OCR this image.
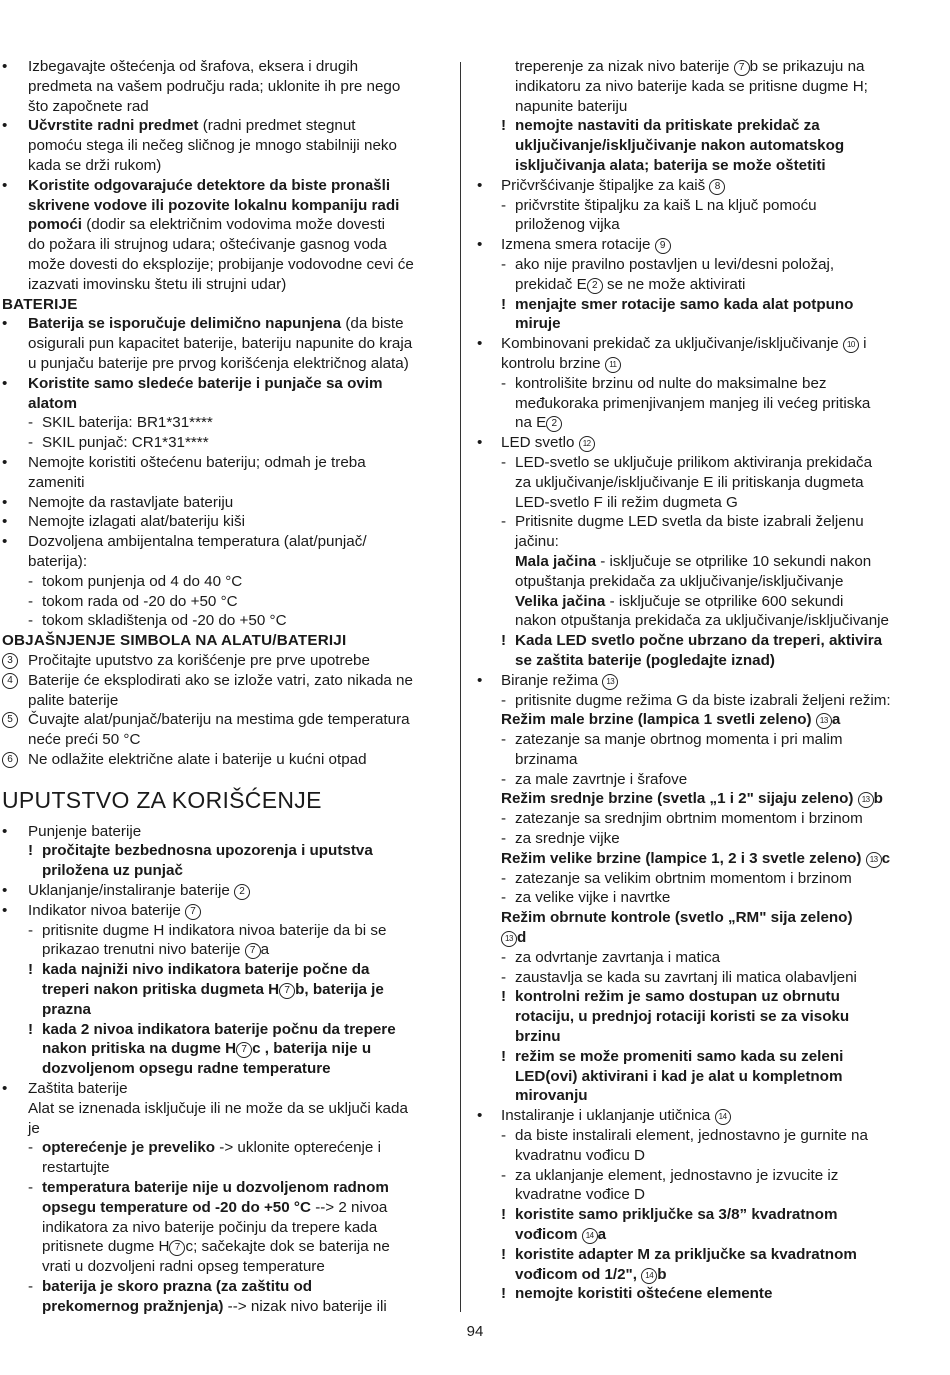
• Izbegavajte oštećenja od šrafova, eksera i drugih
predmeta na vašem području rada; uklonite ih pre nego
što započnete rad
• Učvrstite radni predmet (radni predmet stegnut
pomoću stega ili nečeg sličnog je mnogo stabilniji neko
kada se drži rukom)
• Koristite odgovarajuće detektore da biste pronašli
skrivene vodove ili pozovite lokalnu kompaniju radi
pomoći (dodir sa električnim vodovima može dovesti
do požara ili strujnog udara; oštećivanje gasnog voda
može dovesti do eksplozije; probijanje vodovodne cevi će
izazvati imovinsku štetu ili strujni udar)
BATERIJE
• Baterija se isporučuje delimično napunjena (da biste
osigurali pun kapacitet baterije, bateriju napunite do kraja
u punjaču baterije pre prvog korišćenja električnog alata)
• Koristite samo sledeće baterije i punjače sa ovim
alatom
- SKIL baterija: BR1*31****
- SKIL punjač: CR1*31****
• Nemojte koristiti oštećenu bateriju; odmah je treba
zameniti
• Nemojte da rastavljate bateriju
• Nemojte izlagati alat/bateriju kiši
• Dozvoljena ambijentalna temperatura (alat/punjač/
baterija):
- tokom punjenja od 4 do 40 °C
- tokom rada od -20 do +50 °C
- tokom skladištenja od -20 do +50 °C
OBJAŠNJENJE SIMBOLA NA ALATU/BATERIJI
3	Pročitajte uputstvo za korišćenje pre prve upotrebe
4	Baterije će eksplodirati ako se izlože vatri, zato nikada ne
palite baterije
5	Čuvajte alat/punjač/bateriju na mestima gde temperatura
neće preći 50 °C
6	Ne odlažite električne alate i baterije u kućni otpad
UPUTSTVO ZA KORIŠĆENJE
• Punjenje baterije
! pročitajte bezbednosna upozorenja i uputstva
priložena uz punjač
• Uklanjanje/instaliranje baterije 2
• Indikator nivoa baterije 7
- pritisnite dugme H indikatora nivoa baterije da bi se
prikazao trenutni nivo baterije 7 a
! kada najniži nivo indikatora baterije počne da
treperi nakon pritiska dugmeta H 7 b, baterija je
prazna
! kada 2 nivoa indikatora baterije počnu da trepere
nakon pritiska na dugme H 7 c , baterija nije u
dozvoljenom opsegu radne temperature
• Zaštita baterije
Alat se iznenada isključuje ili ne može da se uključi kada
je
- opterećenje je preveliko -> uklonite opterećenje i
restartujte
- temperatura baterije nije u dozvoljenom radnom
opsegu temperature od -20 do +50 °C --> 2 nivoa
indikatora za nivo baterije počinju da trepere kada
pritisnete dugme H 7 c; sačekajte dok se baterija ne
vrati u dozvoljeni radni opseg temperature
- baterija je skoro prazna (za zaštitu od
prekomernog pražnjenja) --> nizak nivo baterije ili
treperenje za nizak nivo baterije 7 b se prikazuju na
indikatoru za nivo baterije kada se pritisne dugme H;
napunite bateriju
! nemojte nastaviti da pritiskate prekidač za
uključivanje/isključivanje nakon automatskog
isključivanja alata; baterija se može oštetiti
• Pričvršćivanje štipaljke za kaiš 8
- pričvrstite štipaljku za kaiš L na ključ pomoću
priloženog vijka
• Izmena smera rotacije 9
- ako nije pravilno postavljen u levi/desni položaj,
prekidač E 2 se ne može aktivirati
! menjajte smer rotacije samo kada alat potpuno
miruje
• Kombinovani prekidač za uključivanje/isključivanje 10 i
kontrolu brzine 11
- kontrolišite brzinu od nulte do maksimalne bez
međukoraka primenjivanjem manjeg ili većeg pritiska
na E 2
• LED svetlo 12
- LED-svetlo se uključuje prilikom aktiviranja prekidača
za uključivanje/isključivanje E ili pritiskanja dugmeta
LED-svetlo F ili režim dugmeta G
- Pritisnite dugme LED svetla da biste izabrali željenu
jačinu:
Mala jačina - isključuje se otprilike 10 sekundi nakon
otpuštanja prekidača za uključivanje/isključivanje
Velika jačina - isključuje se otprilike 600 sekundi
nakon otpuštanja prekidača za uključivanje/isključivanje
! Kada LED svetlo počne ubrzano da treperi, aktivira
se zaštita baterije (pogledajte iznad)
• Biranje režima 13
- pritisnite dugme režima G da biste izabrali željeni režim:
Režim male brzine (lampica 1 svetli zeleno) 13 a
- zatezanje sa manje obrtnog momenta i pri malim
brzinama
- za male zavrtnje i šrafove
Režim srednje brzine (svetla „1 i 2" sijaju zeleno) 13 b
- zatezanje sa srednjim obrtnim momentom i brzinom
- za srednje vijke
Režim velike brzine (lampice 1, 2 i 3 svetle zeleno) 13 c
- zatezanje sa velikim obrtnim momentom i brzinom
- za velike vijke i navrtke
Režim obrnute kontrole (svetlo „RM" sija zeleno)
13 d
- za odvrtanje zavrtanja i matica
- zaustavlja se kada su zavrtanj ili matica olabavljeni
! kontrolni režim je samo dostupan uz obrnutu
rotaciju, u prednjoj rotaciji koristi se za visoku
brzinu
! režim se može promeniti samo kada su zeleni
LED(ovi) aktivirani i kad je alat u kompletnom
mirovanju
• Instaliranje i uklanjanje utičnica 14
- da biste instalirali element, jednostavno je gurnite na
kvadratnu vođicu D
- za uklanjanje element, jednostavno je izvucite iz
kvadratne vođice D
! koristite samo priključke sa 3/8” kvadratnom
vođicom 14 a
! koristite adapter M za priključke sa kvadratnom
vođicom od 1/2", 14 b
! nemojte koristiti oštećene elemente
94
